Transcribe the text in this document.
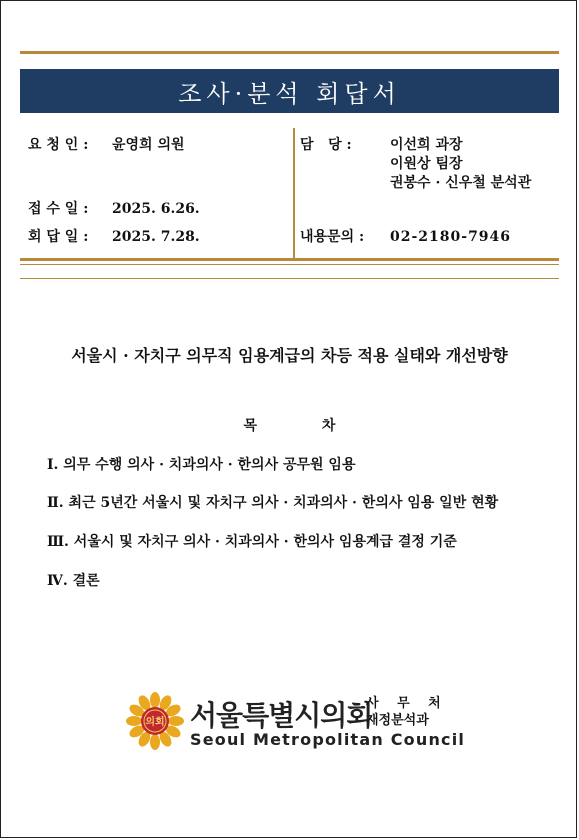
조사·분석 회답서
요 청 인 : 윤영희 의원	담   당 :	이선희 과장
이원상 팀장
권봉수 · 신우철 분석관
접 수 일 : 2025. 6.26.
회 답 일 : 2025. 7.28.	내용문의 : 02-2180-7946
서울시 · 자치구 의무직 임용계급의 차등 적용 실태와 개선방향
목 차
Ⅰ. 의무 수행 의사 · 치과의사 · 한의사 공무원 임용
Ⅱ. 최근 5년간 서울시 및 자치구 의사 · 치과의사 · 한의사 임용 일반 현황
Ⅲ. 서울시 및 자치구 의사 · 치과의사 · 한의사 임용계급 결정 기준
Ⅳ. 결론
의회 서울특별시의회
사 무 처
재정분석과
Seoul Metropolitan Council
